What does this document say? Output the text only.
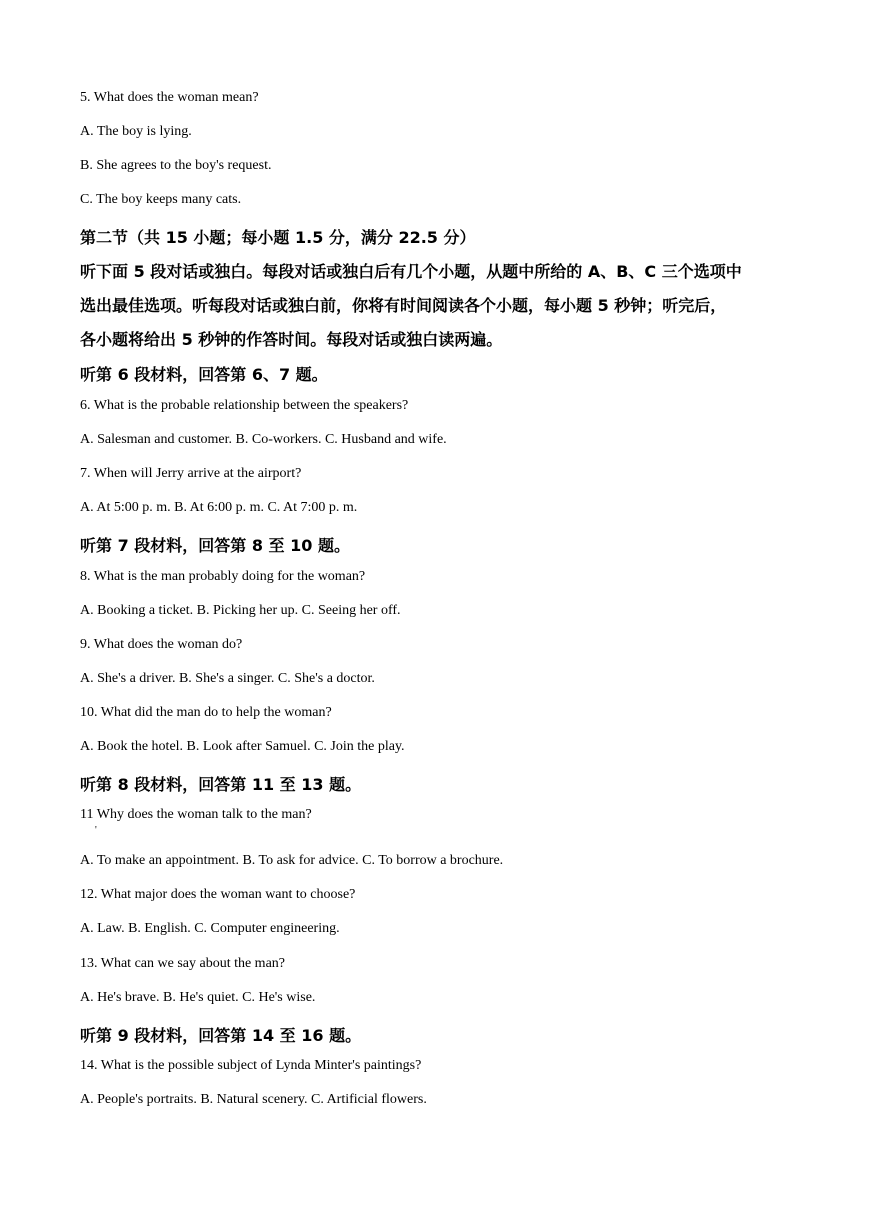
5. What does the woman mean?

A. The boy is lying.

B. She agrees to the boy's request.

C. The boy keeps many cats.

第二节（共 15 小题；每小题 1.5 分，满分 22.5 分）

听下面 5 段对话或独白。每段对话或独白后有几个小题，从题中所给的 A、B、C 三个选项中

选出最佳选项。听每段对话或独白前，你将有时间阅读各个小题，每小题 5 秒钟；听完后，

各小题将给出 5 秒钟的作答时间。每段对话或独白读两遍。

听第 6 段材料，回答第 6、7 题。

6. What is the probable relationship between the speakers?

A. Salesman and customer. B. Co-workers. C. Husband and wife.

7. When will Jerry arrive at the airport?

A. At 5:00 p. m. B. At 6:00 p. m. C. At 7:00 p. m.

听第 7 段材料，回答第 8 至 10 题。

8. What is the man probably doing for the woman?

A. Booking a ticket. B. Picking her up. C. Seeing her off.

9. What does the woman do?

A. She's a driver. B. She's a singer. C. She's a doctor.

10. What did the man do to help the woman?

A. Book the hotel. B. Look after Samuel. C. Join the play.

听第 8 段材料，回答第 11 至 13 题。

11 Why does the woman talk to the man?

'

A. To make an appointment. B. To ask for advice. C. To borrow a brochure.

12. What major does the woman want to choose?

A. Law. B. English. C. Computer engineering.

13. What can we say about the man?

A. He's brave. B. He's quiet. C. He's wise.

听第 9 段材料，回答第 14 至 16 题。

14. What is the possible subject of Lynda Minter's paintings?

A. People's portraits. B. Natural scenery. C. Artificial flowers.
